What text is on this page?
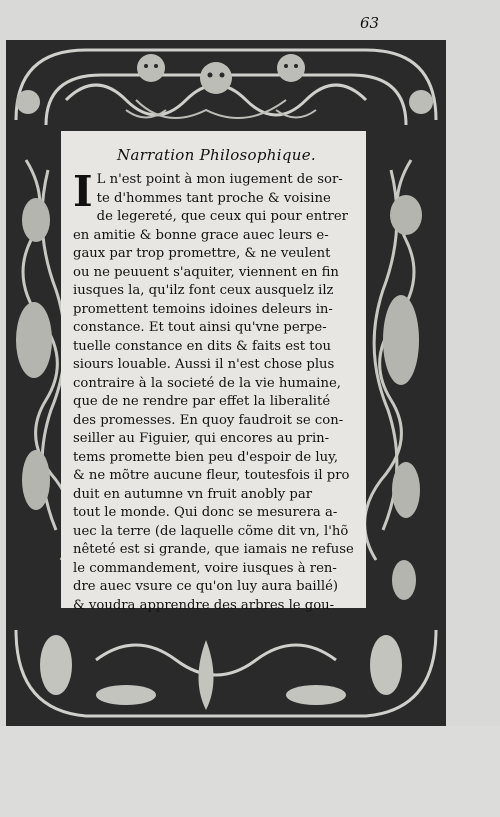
63
Narration Philosophique.
I L n'est point à mon iugement de sor-
te d'hommes tant proche & voisine
de legereté, que ceux qui pour entrer
en amitie & bonne grace auec leurs e-
gaux par trop promettre, & ne veulent
ou ne peuuent s'aquiter, viennent en fin
iusques la, qu'ilz font ceux ausquelz ilz
promettent temoins idoines deleurs in-
constance. Et tout ainsi qu'vne perpe-
tuelle constance en dits & faits est tou
siours louable. Aussi il n'est chose plus
contraire à la societé de la vie humaine,
que de ne rendre par effet la liberalité
des promesses. En quoy faudroit se con-
seiller au Figuier, qui encores au prin-
tems promette bien peu d'espoir de luy,
& ne mõtre aucune fleur, toutesfois il pro
duit en autumne vn fruit anobly par
tout le monde. Qui donc se mesurera a-
uec la terre (de laquelle cõme dit vn, l'hõ
nêteté est si grande, que iamais ne refuse
le commandement, voire iusques à ren-
dre auec vsure ce qu'on luy aura baillé)
& voudra apprendre des arbres le gou-
